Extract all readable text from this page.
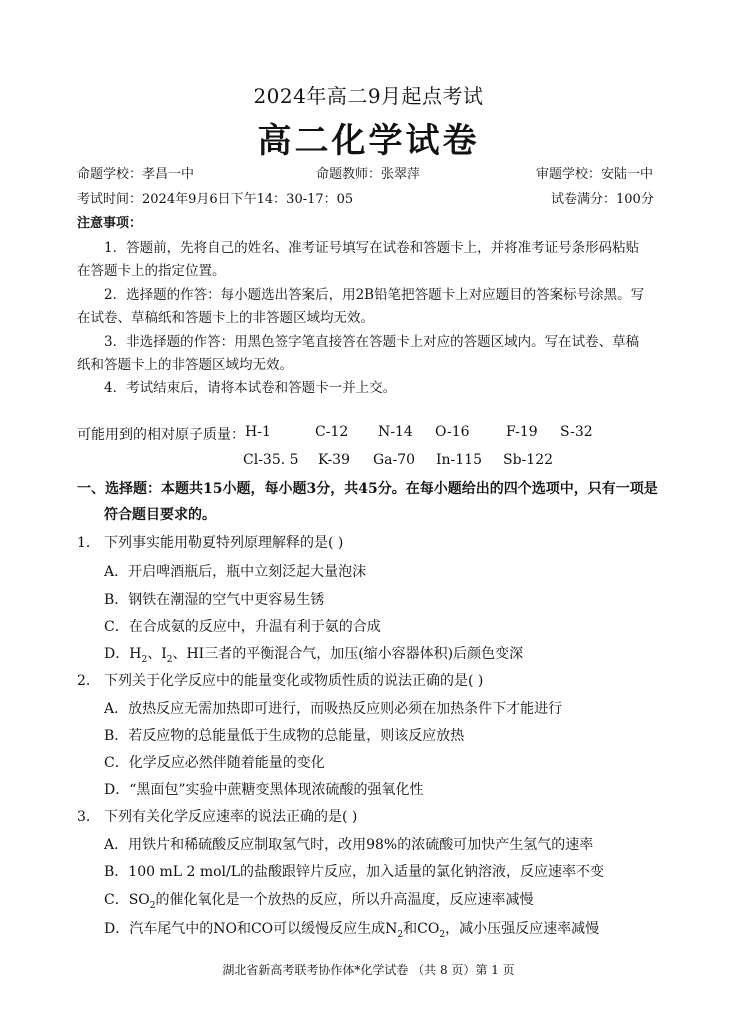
2024年高二9月起点考试
高二化学试卷
命题学校：孝昌一中	命题教师：张翠萍	审题学校：安陆一中
考试时间：2024年9月6日下午14：30-17：05	试卷满分：100分
注意事项：
1．答题前，先将自己的姓名、准考证号填写在试卷和答题卡上，并将准考证号条形码粘贴
在答题卡上的指定位置。
2．选择题的作答：每小题选出答案后，用2B铅笔把答题卡上对应题目的答案标号涂黑。写
在试卷、草稿纸和答题卡上的非答题区域均无效。
3．非选择题的作答：用黑色签字笔直接答在答题卡上对应的答题区域内。写在试卷、草稿
纸和答题卡上的非答题区域均无效。
4．考试结束后，请将本试卷和答题卡一并上交。
可能用到的相对原子质量： H-1	C-12 N-14 O-16	F-19 S-32
Cl-35. 5 K-39 Ga-70 In-115 Sb-122
一、选择题：本题共15小题，每小题3分，共45分。在每小题给出的四个选项中，只有一项是
符合题目要求的。
1． 下列事实能用勒夏特列原理解释的是( )
A．开启啤酒瓶后，瓶中立刻泛起大量泡沫
B．钢铁在潮湿的空气中更容易生锈
C．在合成氨的反应中，升温有利于氨的合成
D．$H_2$、$I_2$、HI三者的平衡混合气，加压(缩小容器体积)后颜色变深
2． 下列关于化学反应中的能量变化或物质性质的说法正确的是( )
A．放热反应无需加热即可进行，而吸热反应则必须在加热条件下才能进行
B．若反应物的总能量低于生成物的总能量，则该反应放热
C．化学反应必然伴随着能量的变化
D．“黑面包”实验中蔗糖变黑体现浓硫酸的强氧化性
3． 下列有关化学反应速率的说法正确的是( )
A．用铁片和稀硫酸反应制取氢气时，改用98%的浓硫酸可加快产生氢气的速率
B．100 mL 2 mol/L的盐酸跟锌片反应，加入适量的氯化钠溶液，反应速率不变
C．$SO_2$的催化氧化是一个放热的反应，所以升高温度，反应速率减慢
D．汽车尾气中的NO和CO可以缓慢反应生成$N_2$和$CO_2$，减小压强反应速率减慢
湖北省新高考联考协作体*化学试卷 （共 8 页）第 1 页
